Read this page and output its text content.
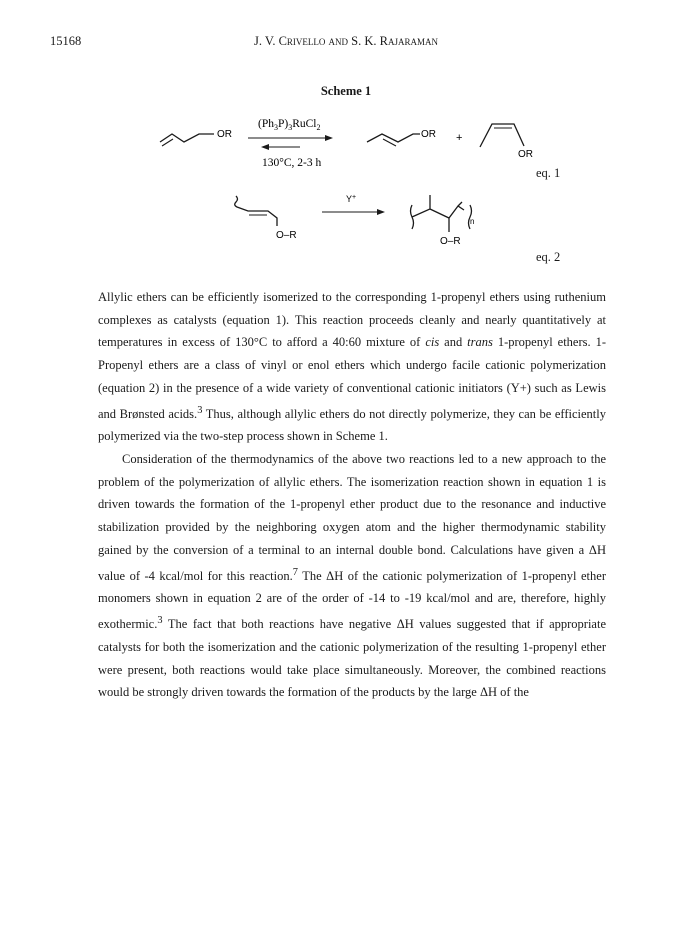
15168	J. V. Crivello and S. K. Rajaraman
Scheme 1
OR
$(Ph_3P)_3RuCl_2$
130°C, 2-3 h
OR +
OR
O–R
Y+
n
O–R
eq. 1
eq. 2

Allylic ethers can be efficiently isomerized to the corresponding 1-propenyl ethers using ruthenium complexes as catalysts (equation 1). This reaction proceeds cleanly and nearly quantitatively at temperatures in excess of 130°C to afford a 40:60 mixture of cis and trans 1-propenyl ethers. 1-Propenyl ethers are a class of vinyl or enol ethers which undergo facile cationic polymerization (equation 2) in the presence of a wide variety of conventional cationic initiators (Y+) such as Lewis and Brønsted acids.$^3$ Thus, although allylic ethers do not directly polymerize, they can be efficiently polymerized via the two-step process shown in Scheme 1.

Consideration of the thermodynamics of the above two reactions led to a new approach to the problem of the polymerization of allylic ethers. The isomerization reaction shown in equation 1 is driven towards the formation of the 1-propenyl ether product due to the resonance and inductive stabilization provided by the neighboring oxygen atom and the higher thermodynamic stability gained by the conversion of a terminal to an internal double bond. Calculations have given a ΔH value of -4 kcal/mol for this reaction.$^7$ The ΔH of the cationic polymerization of 1-propenyl ether monomers shown in equation 2 are of the order of -14 to -19 kcal/mol and are, therefore, highly exothermic.$^3$ The fact that both reactions have negative ΔH values suggested that if appropriate catalysts for both the isomerization and the cationic polymerization of the resulting 1-propenyl ether were present, both reactions would take place simultaneously. Moreover, the combined reactions would be strongly driven towards the formation of the products by the large ΔH of the
